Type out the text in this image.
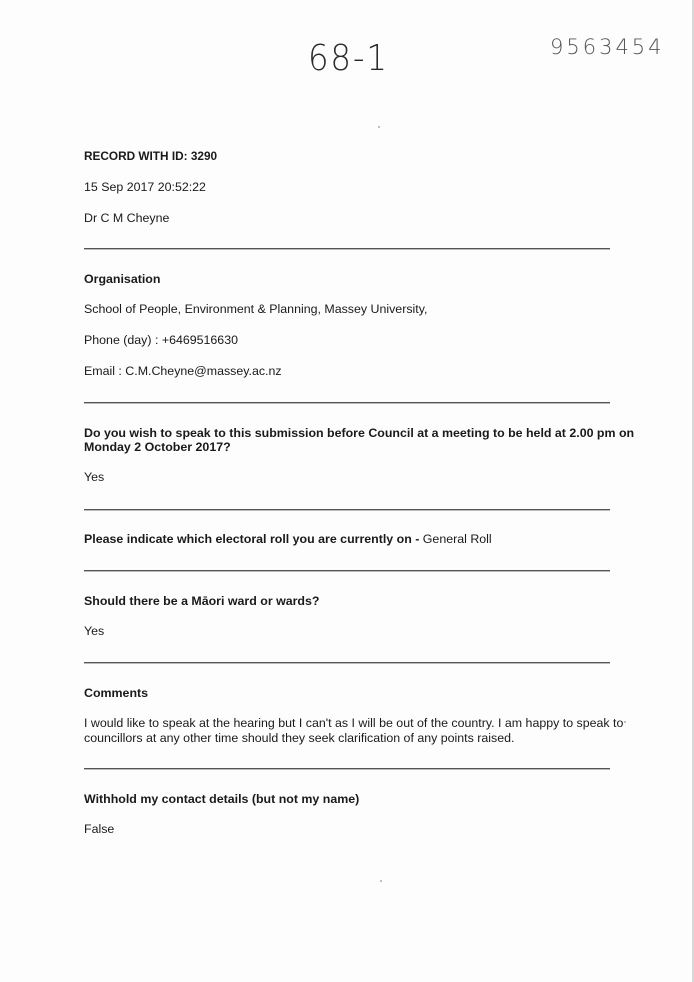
68-1	9563454
RECORD WITH ID: 3290
15 Sep 2017 20:52:22
Dr C M Cheyne
Organisation
School of People, Environment & Planning, Massey University,
Phone (day) : +6469516630
Email : C.M.Cheyne@massey.ac.nz
Do you wish to speak to this submission before Council at a meeting to be held at 2.00 pm on
Monday 2 October 2017?
Yes
Please indicate which electoral roll you are currently on - General Roll
Should there be a Māori ward or wards?
Yes
Comments
I would like to speak at the hearing but I can't as I will be out of the country. I am happy to speak to
councillors at any other time should they seek clarification of any points raised.
Withhold my contact details (but not my name)
False
